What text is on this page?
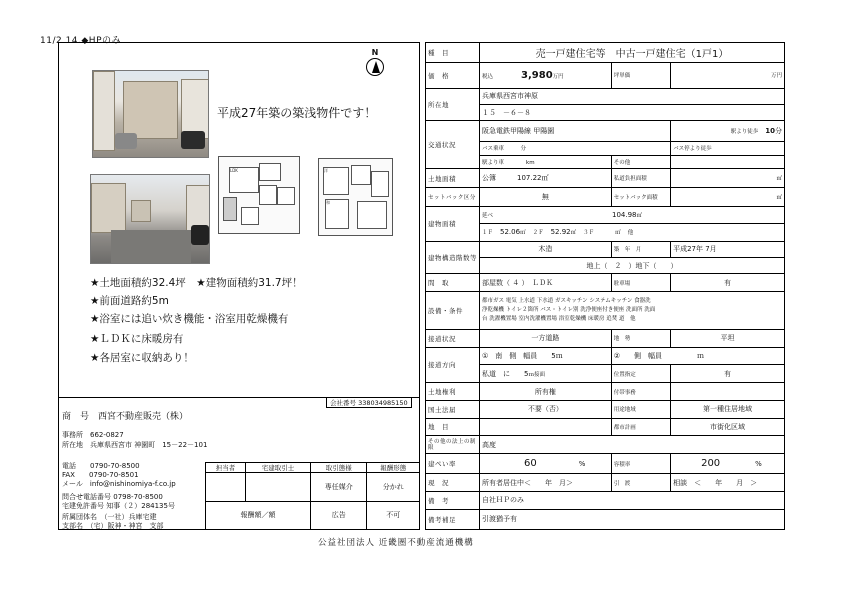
11/2 14.◆HPのみ
N
平成27年築の築浅物件です！
LDK	洋
和
★土地面積約32.4坪　★建物面積約31.7坪！
★前面道路約5m
★浴室には追い炊き機能・浴室用乾燥機有
★ＬＤＫに床暖房有
★各居室に収納あり！
会社番号 338034985150
商　号　 西宮不動産販売（株）
事務所　 662-0827
所在地　 兵庫県西宮市 神園町　15－22－101
電話　　 0790-70-8500
FAX　　 0790-70-8501
メール　 info@nishinomiya-f.co.jp
問合せ電話番号 0798-70-8500
宅建免許番号 知事（２）284135号
所属団体名　 （一社）兵庫宅建
支部名　 （宅）阪神・神宮　支部
担当者	宅建取引士	取引態様	報酬形態
		専任媒介	分かれ
報酬額／額		広告	不可
種　目	売一戸建住宅等　中古一戸建住宅（1戸1）		
価　格	税込　　　　 3,980万円	坪単価	万円
所在地	兵庫県西宮市神原		
	１５　－６－８		
交通状況	阪急電鉄甲陽線 甲陽園		駅より徒歩　 10分
	バス乗車　　　 分		バス停より徒歩
	駅より車　　　　 km	その他	
土地面積	公簿　　　 107.22㎡	私道負担面積	㎡
セットバック区分	無	セットバック面積	㎡
建物面積	延べ　　　　　　　　　　　　　　　　　 104.98㎡		
	１Ｆ　 52.06㎡　 ２Ｆ　 52.92㎡　 ３Ｆ　　　 ㎡　 他		
建物構造階数等	木造	築　年　月	平成27年 7月
	地上（　２　）地下（　　）		
間　取	部屋数（ ４ ）　ＬＤＫ	駐車場	有
設備・条件	都市ガス 電気 上水道 下水道 ガスキッチン システムキッチン 食器洗
浄乾燥機 トイレ２箇所 バス・トイレ別 洗浄便座付き便座 洗面所 洗面
台 洗濯機置場 室内洗濯機置場 浴室乾燥機 床暖房 追焚 道　他		

接道状況	一方道路	地　勢	平坦
接道方向	①　南　 側　幅員　　 5ｍ	②　　側　幅員　　　　　 ｍ	
	私道　 に　　 5ｍ接面	位置指定	有
土地権利	所有権	付帯事務	
国土法届	不要（否）	用途地域	第一種住居地域
地　目		都市計画	市街化区域
その他の法上の制限	高度		
建ぺい率	　　　　　　60　　　　　　 %	容積率	　　　　200　　　　　 %
現　況	所有者居住中＜　　年　月＞	引　渡	相談　＜　　年　　月　＞
備　考	自社ＨＰのみ		
備考補足	引渡猶予有		
公益社団法人 近畿圏不動産流通機構
